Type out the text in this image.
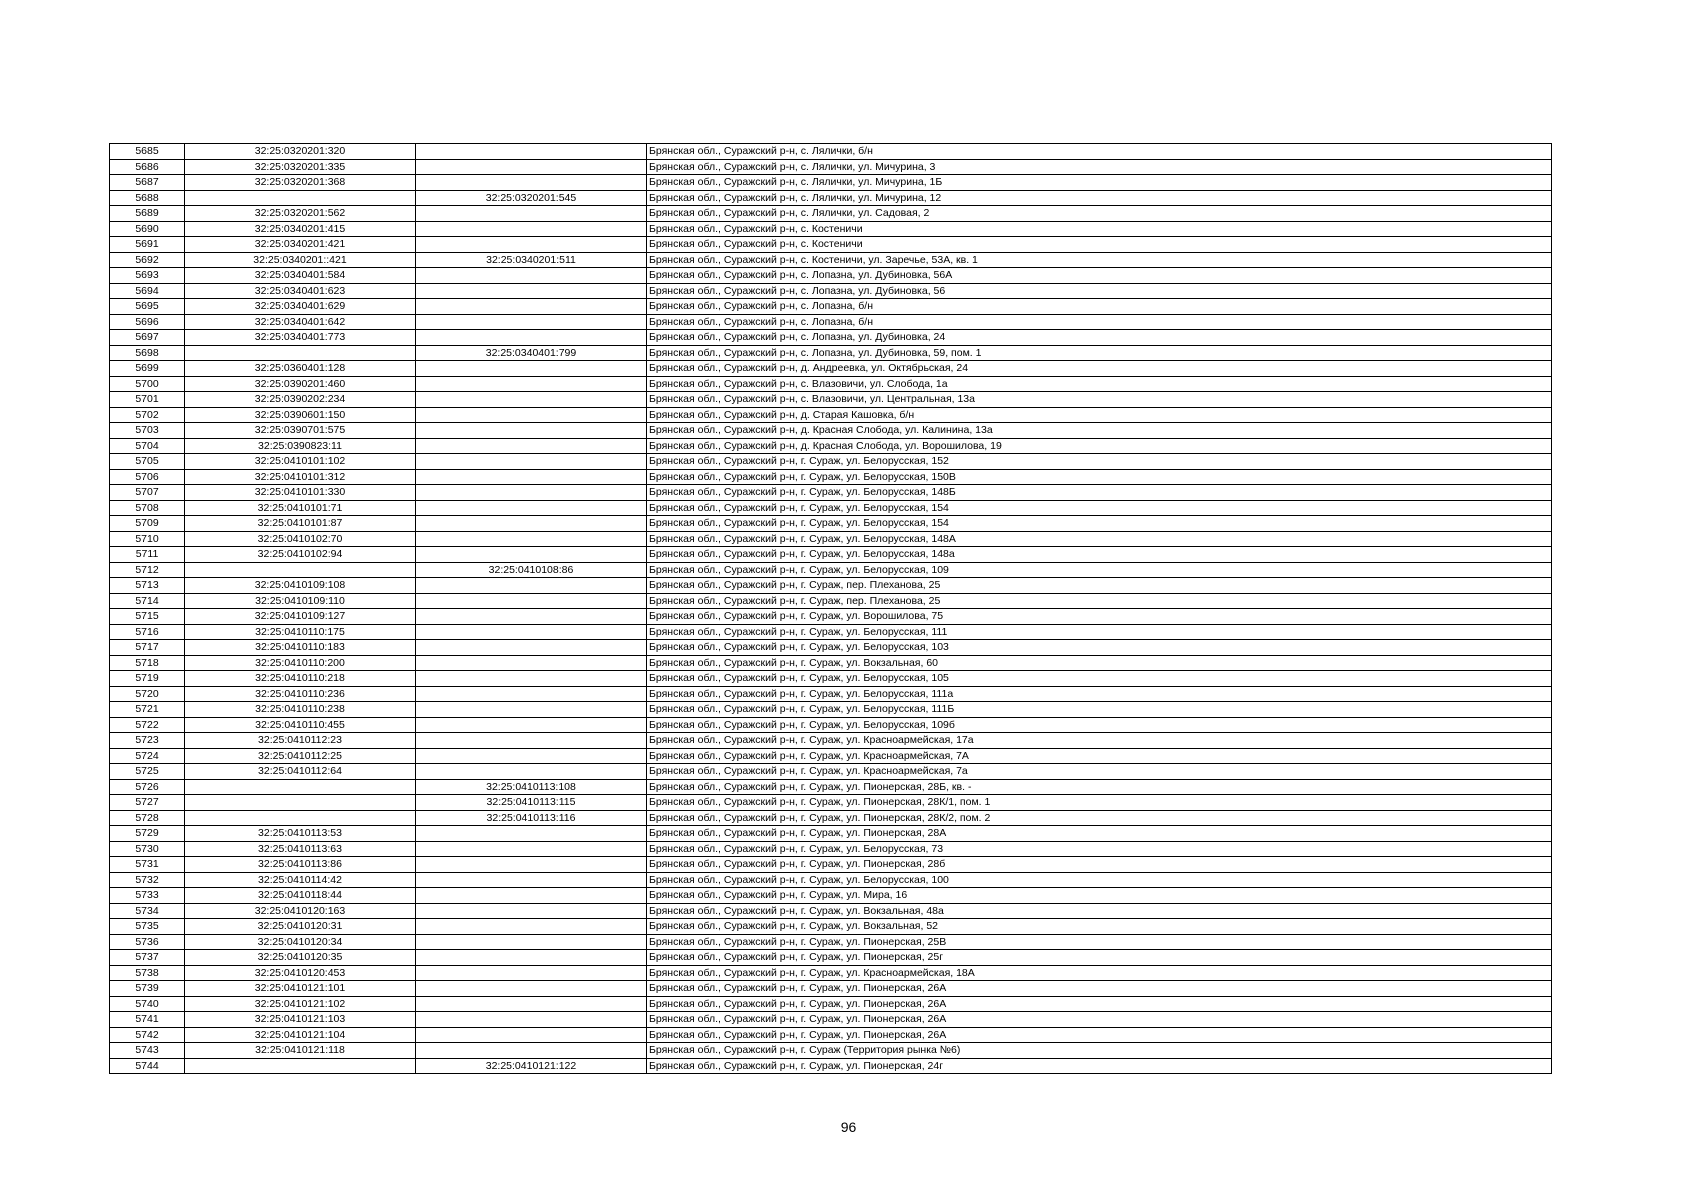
5685	32:25:0320201:320		Брянская обл., Суражский р-н, с. Лялички, б/н
5686	32:25:0320201:335		Брянская обл., Суражский р-н, с. Лялички, ул. Мичурина, 3
5687	32:25:0320201:368		Брянская обл., Суражский р-н, с. Лялички, ул. Мичурина, 1Б
5688		32:25:0320201:545	Брянская обл., Суражский р-н, с. Лялички, ул. Мичурина, 12
5689	32:25:0320201:562		Брянская обл., Суражский р-н, с. Лялички, ул. Садовая, 2
5690	32:25:0340201:415		Брянская обл., Суражский р-н, с. Костеничи
5691	32:25:0340201:421		Брянская обл., Суражский р-н, с. Костеничи
5692	32:25:0340201::421	32:25:0340201:511	Брянская обл., Суражский р-н, с. Костеничи, ул. Заречье, 53А, кв. 1
5693	32:25:0340401:584		Брянская обл., Суражский р-н, с. Лопазна, ул. Дубиновка, 56А
5694	32:25:0340401:623		Брянская обл., Суражский р-н, с. Лопазна, ул. Дубиновка, 56
5695	32:25:0340401:629		Брянская обл., Суражский р-н, с. Лопазна, б/н
5696	32:25:0340401:642		Брянская обл., Суражский р-н, с. Лопазна, б/н
5697	32:25:0340401:773		Брянская обл., Суражский р-н, с. Лопазна, ул. Дубиновка, 24
5698		32:25:0340401:799	Брянская обл., Суражский р-н, с. Лопазна, ул. Дубиновка, 59, пом. 1
5699	32:25:0360401:128		Брянская обл., Суражский р-н, д. Андреевка, ул. Октябрьская, 24
5700	32:25:0390201:460		Брянская обл., Суражский р-н, с. Влазовичи, ул. Слобода, 1а
5701	32:25:0390202:234		Брянская обл., Суражский р-н, с. Влазовичи, ул. Центральная, 13а
5702	32:25:0390601:150		Брянская обл., Суражский р-н, д. Старая Кашовка, б/н
5703	32:25:0390701:575		Брянская обл., Суражский р-н, д. Красная Слобода, ул. Калинина, 13а
5704	32:25:0390823:11		Брянская обл., Суражский р-н, д. Красная Слобода, ул. Ворошилова, 19
5705	32:25:0410101:102		Брянская обл., Суражский р-н, г. Сураж, ул. Белорусская, 152
5706	32:25:0410101:312		Брянская обл., Суражский р-н, г. Сураж, ул. Белорусская, 150В
5707	32:25:0410101:330		Брянская обл., Суражский р-н, г. Сураж, ул. Белорусская, 148Б
5708	32:25:0410101:71		Брянская обл., Суражский р-н, г. Сураж, ул. Белорусская, 154
5709	32:25:0410101:87		Брянская обл., Суражский р-н, г. Сураж, ул. Белорусская, 154
5710	32:25:0410102:70		Брянская обл., Суражский р-н, г. Сураж, ул. Белорусская, 148А
5711	32:25:0410102:94		Брянская обл., Суражский р-н, г. Сураж, ул. Белорусская, 148а
5712		32:25:0410108:86	Брянская обл., Суражский р-н, г. Сураж, ул. Белорусская, 109
5713	32:25:0410109:108		Брянская обл., Суражский р-н, г. Сураж, пер. Плеханова, 25
5714	32:25:0410109:110		Брянская обл., Суражский р-н, г. Сураж, пер. Плеханова, 25
5715	32:25:0410109:127		Брянская обл., Суражский р-н, г. Сураж, ул. Ворошилова, 75
5716	32:25:0410110:175		Брянская обл., Суражский р-н, г. Сураж, ул. Белорусская, 111
5717	32:25:0410110:183		Брянская обл., Суражский р-н, г. Сураж, ул. Белорусская, 103
5718	32:25:0410110:200		Брянская обл., Суражский р-н, г. Сураж, ул. Вокзальная, 60
5719	32:25:0410110:218		Брянская обл., Суражский р-н, г. Сураж, ул. Белорусская, 105
5720	32:25:0410110:236		Брянская обл., Суражский р-н, г. Сураж, ул. Белорусская, 111а
5721	32:25:0410110:238		Брянская обл., Суражский р-н, г. Сураж, ул. Белорусская, 111Б
5722	32:25:0410110:455		Брянская обл., Суражский р-н, г. Сураж, ул. Белорусская, 109б
5723	32:25:0410112:23		Брянская обл., Суражский р-н, г. Сураж, ул. Красноармейская, 17а
5724	32:25:0410112:25		Брянская обл., Суражский р-н, г. Сураж, ул. Красноармейская, 7А
5725	32:25:0410112:64		Брянская обл., Суражский р-н, г. Сураж, ул. Красноармейская, 7а
5726		32:25:0410113:108	Брянская обл., Суражский р-н, г. Сураж, ул. Пионерская, 28Б, кв. -
5727		32:25:0410113:115	Брянская обл., Суражский р-н, г. Сураж, ул. Пионерская, 28К/1, пом. 1
5728		32:25:0410113:116	Брянская обл., Суражский р-н, г. Сураж, ул. Пионерская, 28К/2, пом. 2
5729	32:25:0410113:53		Брянская обл., Суражский р-н, г. Сураж, ул. Пионерская, 28А
5730	32:25:0410113:63		Брянская обл., Суражский р-н, г. Сураж, ул. Белорусская, 73
5731	32:25:0410113:86		Брянская обл., Суражский р-н, г. Сураж, ул. Пионерская, 28б
5732	32:25:0410114:42		Брянская обл., Суражский р-н, г. Сураж, ул. Белорусская, 100
5733	32:25:0410118:44		Брянская обл., Суражский р-н, г. Сураж, ул. Мира, 16
5734	32:25:0410120:163		Брянская обл., Суражский р-н, г. Сураж, ул. Вокзальная, 48а
5735	32:25:0410120:31		Брянская обл., Суражский р-н, г. Сураж, ул. Вокзальная, 52
5736	32:25:0410120:34		Брянская обл., Суражский р-н, г. Сураж, ул. Пионерская, 25В
5737	32:25:0410120:35		Брянская обл., Суражский р-н, г. Сураж, ул. Пионерская, 25г
5738	32:25:0410120:453		Брянская обл., Суражский р-н, г. Сураж, ул. Красноармейская, 18А
5739	32:25:0410121:101		Брянская обл., Суражский р-н, г. Сураж, ул. Пионерская, 26А
5740	32:25:0410121:102		Брянская обл., Суражский р-н, г. Сураж, ул. Пионерская, 26А
5741	32:25:0410121:103		Брянская обл., Суражский р-н, г. Сураж, ул. Пионерская, 26А
5742	32:25:0410121:104		Брянская обл., Суражский р-н, г. Сураж, ул. Пионерская, 26А
5743	32:25:0410121:118		Брянская обл., Суражский р-н, г. Сураж (Территория рынка №6)
5744		32:25:0410121:122	Брянская обл., Суражский р-н, г. Сураж, ул. Пионерская, 24г
96
